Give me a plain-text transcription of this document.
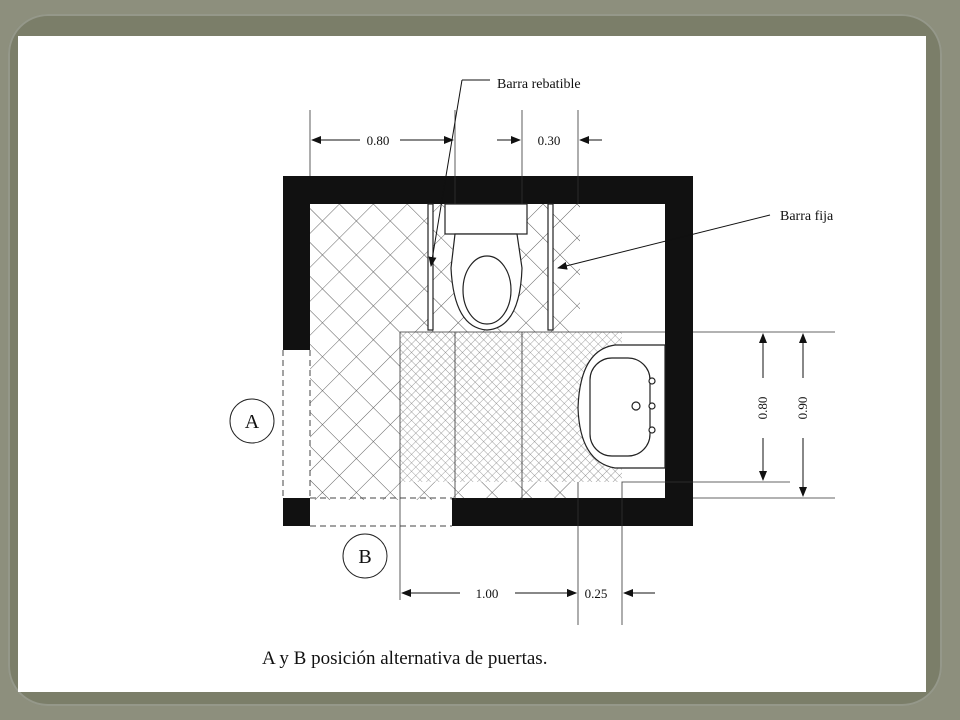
Barra rebatible
Barra fija
A
B
0.80	0.30
0.80 0.90
1.00	0.25
A y B posición alternativa de puertas.
